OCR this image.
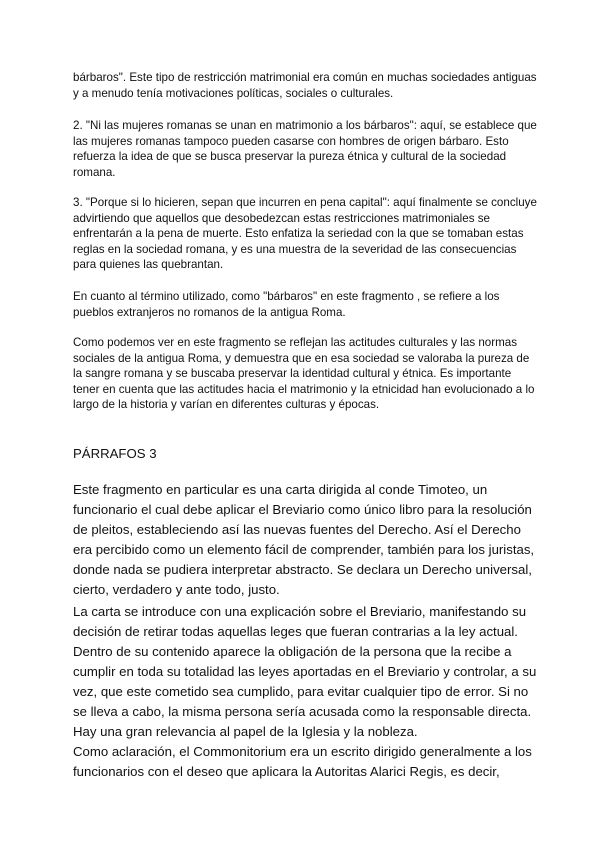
bárbaros". Este tipo de restricción matrimonial era común en muchas sociedades antiguas y a menudo tenía motivaciones políticas, sociales o culturales.

2. "Ni las mujeres romanas se unan en matrimonio a los bárbaros": aquí, se establece que las mujeres romanas tampoco pueden casarse con hombres de origen bárbaro. Esto refuerza la idea de que se busca preservar la pureza étnica y cultural de la sociedad romana.

3. "Porque si lo hicieren, sepan que incurren en pena capital": aquí finalmente se concluye advirtiendo que aquellos que desobedezcan estas restricciones matrimoniales se enfrentarán a la pena de muerte. Esto enfatiza la seriedad con la que se tomaban estas reglas en la sociedad romana, y es una muestra de la severidad de las consecuencias para quienes las quebrantan.

En cuanto al término utilizado, como "bárbaros" en este fragmento , se refiere a los pueblos extranjeros no romanos de la antigua Roma.

Como podemos ver en este fragmento se reflejan las actitudes culturales y las normas sociales de la antigua Roma, y demuestra que en esa sociedad se valoraba la pureza de la sangre romana y se buscaba preservar la identidad cultural y étnica. Es importante tener en cuenta que las actitudes hacia el matrimonio y la etnicidad han evolucionado a lo largo de la historia y varían en diferentes culturas y épocas.

PÁRRAFOS 3

Este fragmento en particular es una carta dirigida al conde Timoteo, un funcionario el cual debe aplicar el Breviario como único libro para la resolución de pleitos, estableciendo así las nuevas fuentes del Derecho. Así el Derecho era percibido como un elemento fácil de comprender, también para los juristas, donde nada se pudiera interpretar abstracto. Se declara un Derecho universal, cierto, verdadero y ante todo, justo.

La carta se introduce con una explicación sobre el Breviario, manifestando su decisión de retirar todas aquellas leges que fueran contrarias a la ley actual. Dentro de su contenido aparece la obligación de la persona que la recibe a cumplir en toda su totalidad las leyes aportadas en el Breviario y controlar, a su vez, que este cometido sea cumplido, para evitar cualquier tipo de error. Si no se lleva a cabo, la misma persona sería acusada como la responsable directa. Hay una gran relevancia al papel de la Iglesia y la nobleza.

Como aclaración, el Commonitorium era un escrito dirigido generalmente a los funcionarios con el deseo que aplicara la Autoritas Alarici Regis, es decir,
